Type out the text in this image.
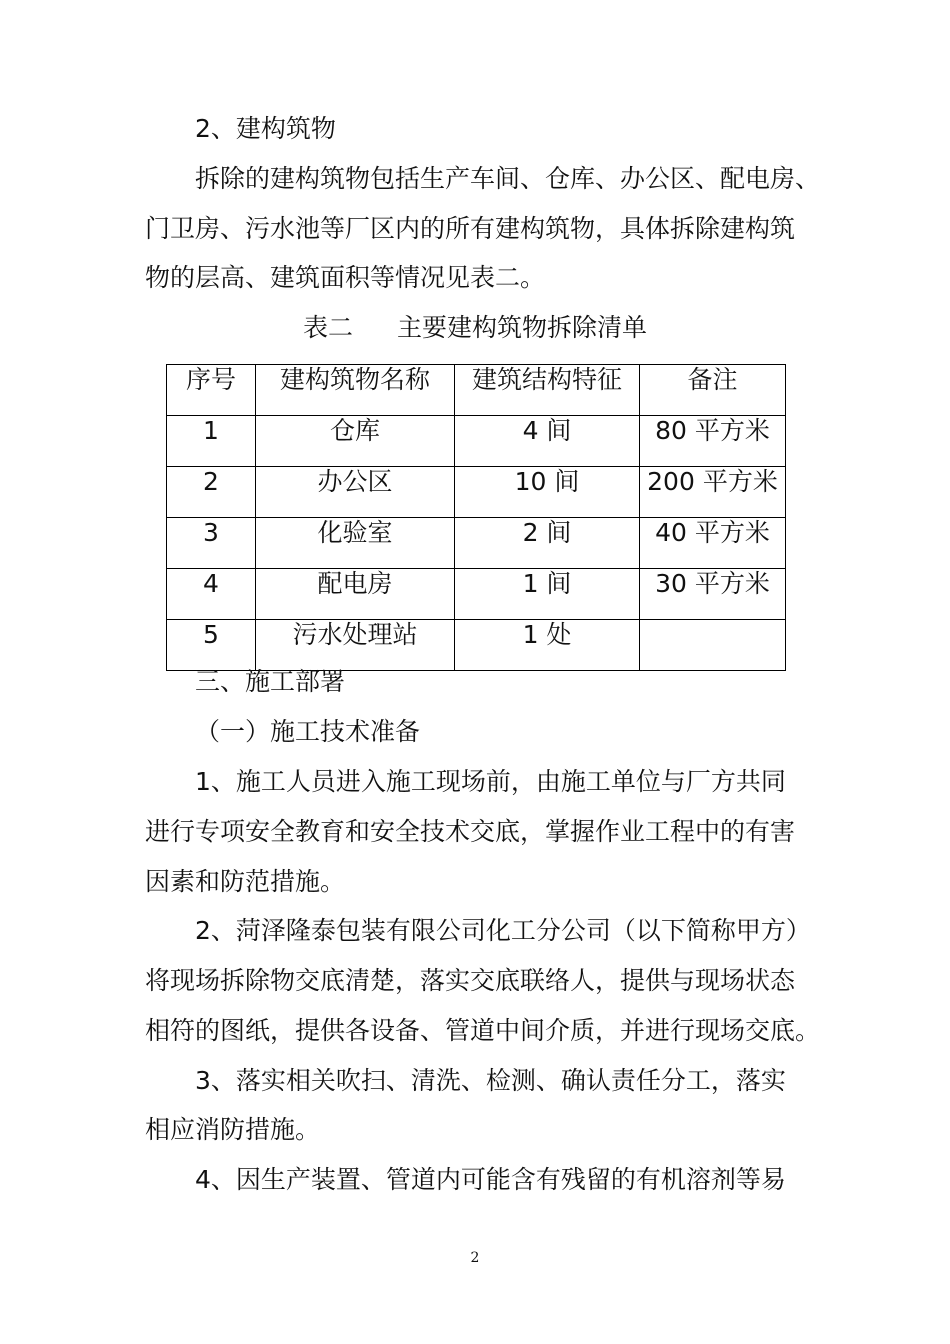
2、建构筑物
拆除的建构筑物包括生产车间、仓库、办公区、配电房、
门卫房、污水池等厂区内的所有建构筑物，具体拆除建构筑
物的层高、建筑面积等情况见表二。
表二 主要建构筑物拆除清单
序号	建构筑物名称	建筑结构特征	备注

1	仓库	4 间	80 平方米

2	办公区	10 间	200 平方米

3	化验室	2 间	40 平方米

4	配电房	1 间	30 平方米

5	污水处理站	1 处	

三、施工部署
（一）施工技术准备
1、施工人员进入施工现场前，由施工单位与厂方共同
进行专项安全教育和安全技术交底，掌握作业工程中的有害
因素和防范措施。
2、菏泽隆泰包装有限公司化工分公司（以下简称甲方）
将现场拆除物交底清楚，落实交底联络人，提供与现场状态
相符的图纸，提供各设备、管道中间介质，并进行现场交底。
3、落实相关吹扫、清洗、检测、确认责任分工，落实
相应消防措施。
4、因生产装置、管道内可能含有残留的有机溶剂等易
2
